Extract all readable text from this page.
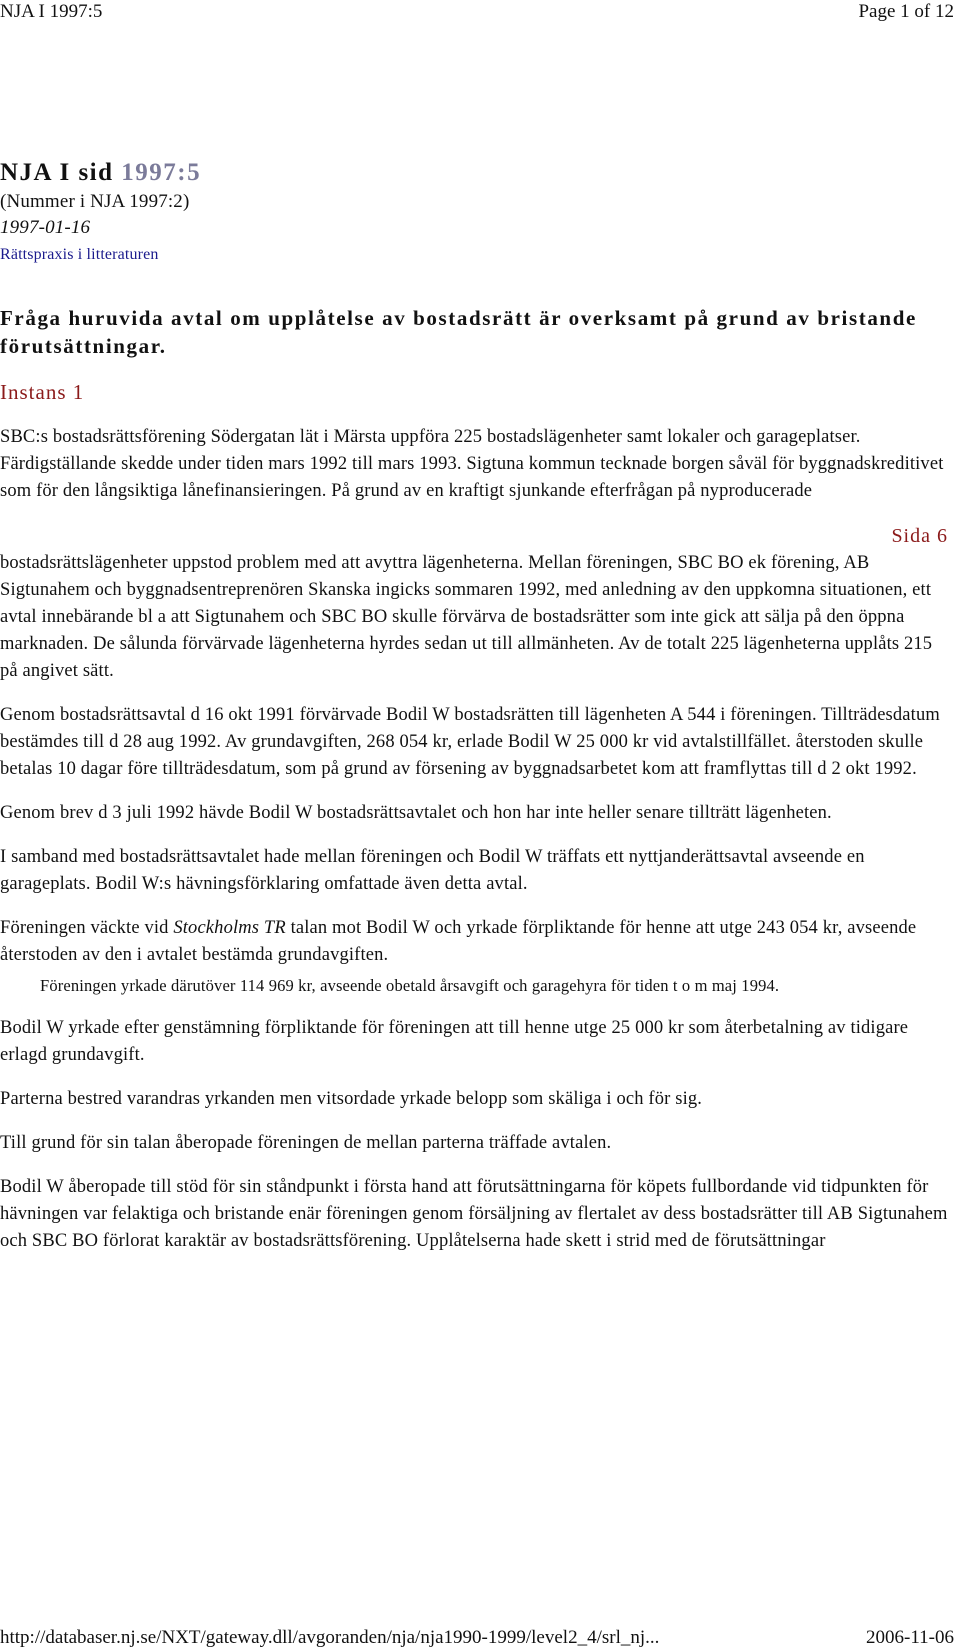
NJA I 1997:5	Page 1 of 12
NJA I sid 1997:5
(Nummer i NJA 1997:2)
1997-01-16
Rättspraxis i litteraturen
Fråga huruvida avtal om upplåtelse av bostadsrätt är overksamt på grund av bristande förutsättningar.
Instans 1

SBC:s bostadsrättsförening Södergatan lät i Märsta uppföra 225 bostadslägenheter samt lokaler och garageplatser. Färdigställande skedde under tiden mars 1992 till mars 1993. Sigtuna kommun tecknade borgen såväl för byggnadskreditivet som för den långsiktiga lånefinansieringen. På grund av en kraftigt sjunkande efterfrågan på nyproducerade

Sida 6

bostadsrättslägenheter uppstod problem med att avyttra lägenheterna. Mellan föreningen, SBC BO ek förening, AB Sigtunahem och byggnadsentreprenören Skanska ingicks sommaren 1992, med anledning av den uppkomna situationen, ett avtal innebärande bl a att Sigtunahem och SBC BO skulle förvärva de bostadsrätter som inte gick att sälja på den öppna marknaden. De sålunda förvärvade lägenheterna hyrdes sedan ut till allmänheten. Av de totalt 225 lägenheterna upplåts 215 på angivet sätt.

Genom bostadsrättsavtal d 16 okt 1991 förvärvade Bodil W bostadsrätten till lägenheten A 544 i föreningen. Tillträdesdatum bestämdes till d 28 aug 1992. Av grundavgiften, 268 054 kr, erlade Bodil W 25 000 kr vid avtalstillfället. återstoden skulle betalas 10 dagar före tillträdesdatum, som på grund av försening av byggnadsarbetet kom att framflyttas till d 2 okt 1992.

Genom brev d 3 juli 1992 hävde Bodil W bostadsrättsavtalet och hon har inte heller senare tillträtt lägenheten.

I samband med bostadsrättsavtalet hade mellan föreningen och Bodil W träffats ett nyttjanderättsavtal avseende en garageplats. Bodil W:s hävningsförklaring omfattade även detta avtal.

Föreningen väckte vid Stockholms TR talan mot Bodil W och yrkade förpliktande för henne att utge 243 054 kr, avseende återstoden av den i avtalet bestämda grundavgiften.

Föreningen yrkade därutöver 114 969 kr, avseende obetald årsavgift och garagehyra för tiden t o m maj 1994.

Bodil W yrkade efter genstämning förpliktande för föreningen att till henne utge 25 000 kr som återbetalning av tidigare erlagd grundavgift.

Parterna bestred varandras yrkanden men vitsordade yrkade belopp som skäliga i och för sig.

Till grund för sin talan åberopade föreningen de mellan parterna träffade avtalen.

Bodil W åberopade till stöd för sin ståndpunkt i första hand att förutsättningarna för köpets fullbordande vid tidpunkten för hävningen var felaktiga och bristande enär föreningen genom försäljning av flertalet av dess bostadsrätter till AB Sigtunahem och SBC BO förlorat karaktär av bostadsrättsförening. Upplåtelserna hade skett i strid med de förutsättningar

http://databaser.nj.se/NXT/gateway.dll/avgoranden/nja/nja1990-1999/level2_4/srl_nj...	2006-11-06
